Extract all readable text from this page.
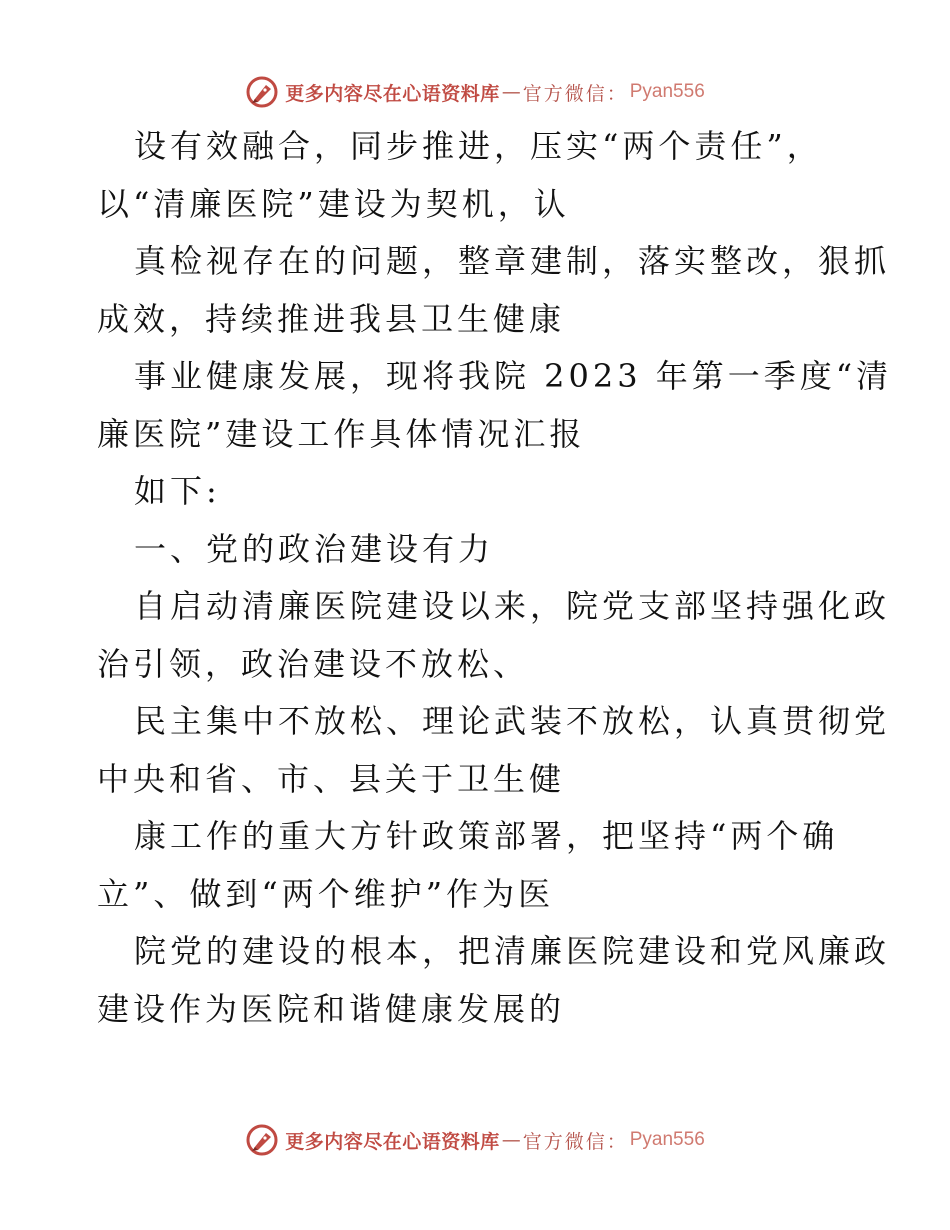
更多内容尽在心语资料库 — 官方微信： Pyan556
设有效融合，同步推进，压实“两个责任”，
以“清廉医院”建设为契机，认
真检视存在的问题，整章建制，落实整改，狠抓
成效，持续推进我县卫生健康
事业健康发展，现将我院 2023 年第一季度“清
廉医院”建设工作具体情况汇报
如下:
一、党的政治建设有力
自启动清廉医院建设以来，院党支部坚持强化政
治引领，政治建设不放松、
民主集中不放松、理论武装不放松，认真贯彻党
中央和省、市、县关于卫生健
康工作的重大方针政策部署，把坚持“两个确
立”、做到“两个维护”作为医
院党的建设的根本，把清廉医院建设和党风廉政
建设作为医院和谐健康发展的
更多内容尽在心语资料库 — 官方微信： Pyan556
